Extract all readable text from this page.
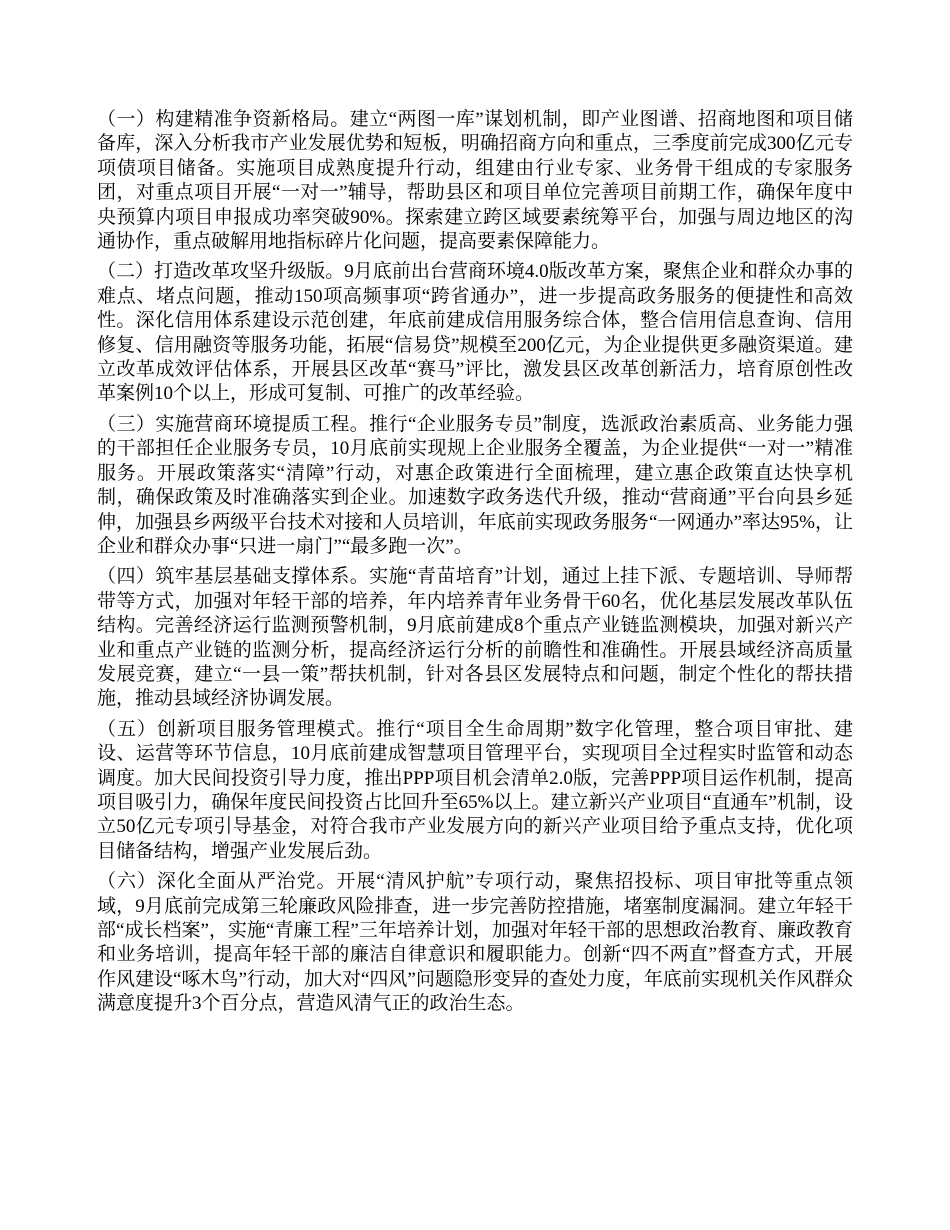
（一）构建精准争资新格局。建立“两图一库”谋划机制，即产业图谱、招商地图和项目储备库，深入分析我市产业发展优势和短板，明确招商方向和重点，三季度前完成300亿元专项债项目储备。实施项目成熟度提升行动，组建由行业专家、业务骨干组成的专家服务团，对重点项目开展“一对一”辅导，帮助县区和项目单位完善项目前期工作，确保年度中央预算内项目申报成功率突破90%。探索建立跨区域要素统筹平台，加强与周边地区的沟通协作，重点破解用地指标碎片化问题，提高要素保障能力。

（二）打造改革攻坚升级版。9月底前出台营商环境4.0版改革方案，聚焦企业和群众办事的难点、堵点问题，推动150项高频事项“跨省通办”，进一步提高政务服务的便捷性和高效性。深化信用体系建设示范创建，年底前建成信用服务综合体，整合信用信息查询、信用修复、信用融资等服务功能，拓展“信易贷”规模至200亿元，为企业提供更多融资渠道。建立改革成效评估体系，开展县区改革“赛马”评比，激发县区改革创新活力，培育原创性改革案例10个以上，形成可复制、可推广的改革经验。

（三）实施营商环境提质工程。推行“企业服务专员”制度，选派政治素质高、业务能力强的干部担任企业服务专员，10月底前实现规上企业服务全覆盖，为企业提供“一对一”精准服务。开展政策落实“清障”行动，对惠企政策进行全面梳理，建立惠企政策直达快享机制，确保政策及时准确落实到企业。加速数字政务迭代升级，推动“营商通”平台向县乡延伸，加强县乡两级平台技术对接和人员培训，年底前实现政务服务“一网通办”率达95%，让企业和群众办事“只进一扇门”“最多跑一次”。

（四）筑牢基层基础支撑体系。实施“青苗培育”计划，通过上挂下派、专题培训、导师帮带等方式，加强对年轻干部的培养，年内培养青年业务骨干60名，优化基层发展改革队伍结构。完善经济运行监测预警机制，9月底前建成8个重点产业链监测模块，加强对新兴产业和重点产业链的监测分析，提高经济运行分析的前瞻性和准确性。开展县域经济高质量发展竞赛，建立“一县一策”帮扶机制，针对各县区发展特点和问题，制定个性化的帮扶措施，推动县域经济协调发展。

（五）创新项目服务管理模式。推行“项目全生命周期”数字化管理，整合项目审批、建设、运营等环节信息，10月底前建成智慧项目管理平台，实现项目全过程实时监管和动态调度。加大民间投资引导力度，推出PPP项目机会清单2.0版，完善PPP项目运作机制，提高项目吸引力，确保年度民间投资占比回升至65%以上。建立新兴产业项目“直通车”机制，设立50亿元专项引导基金，对符合我市产业发展方向的新兴产业项目给予重点支持，优化项目储备结构，增强产业发展后劲。

（六）深化全面从严治党。开展“清风护航”专项行动，聚焦招投标、项目审批等重点领域，9月底前完成第三轮廉政风险排查，进一步完善防控措施，堵塞制度漏洞。建立年轻干部“成长档案”，实施“青廉工程”三年培养计划，加强对年轻干部的思想政治教育、廉政教育和业务培训，提高年轻干部的廉洁自律意识和履职能力。创新“四不两直”督查方式，开展作风建设“啄木鸟”行动，加大对“四风”问题隐形变异的查处力度，年底前实现机关作风群众满意度提升3个百分点，营造风清气正的政治生态。
